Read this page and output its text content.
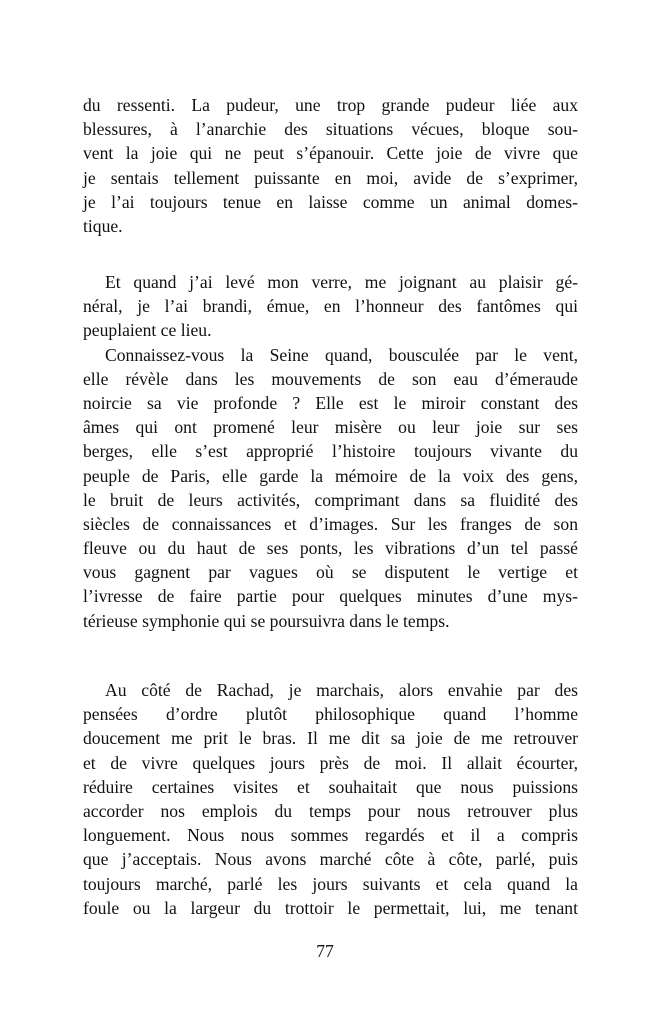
du ressenti. La pudeur, une trop grande pudeur liée aux
blessures, à l’anarchie des situations vécues, bloque sou-
vent la joie qui ne peut s’épanouir. Cette joie de vivre que
je sentais tellement puissante en moi, avide de s’exprimer,
je l’ai toujours tenue en laisse comme un animal domes-
tique.
Et quand j’ai levé mon verre, me joignant au plaisir gé-
néral, je l’ai brandi, émue, en l’honneur des fantômes qui
peuplaient ce lieu.
Connaissez-vous la Seine quand, bousculée par le vent,
elle révèle dans les mouvements de son eau d’émeraude
noircie sa vie profonde ? Elle est le miroir constant des
âmes qui ont promené leur misère ou leur joie sur ses
berges, elle s’est approprié l’histoire toujours vivante du
peuple de Paris, elle garde la mémoire de la voix des gens,
le bruit de leurs activités, comprimant dans sa fluidité des
siècles de connaissances et d’images. Sur les franges de son
fleuve ou du haut de ses ponts, les vibrations d’un tel passé
vous gagnent par vagues où se disputent le vertige et
l’ivresse de faire partie pour quelques minutes d’une mys-
térieuse symphonie qui se poursuivra dans le temps.
Au côté de Rachad, je marchais, alors envahie par des
pensées d’ordre plutôt philosophique quand l’homme
doucement me prit le bras. Il me dit sa joie de me retrouver
et de vivre quelques jours près de moi. Il allait écourter,
réduire certaines visites et souhaitait que nous puissions
accorder nos emplois du temps pour nous retrouver plus
longuement. Nous nous sommes regardés et il a compris
que j’acceptais. Nous avons marché côte à côte, parlé, puis
toujours marché, parlé les jours suivants et cela quand la
foule ou la largeur du trottoir le permettait, lui, me tenant
77
